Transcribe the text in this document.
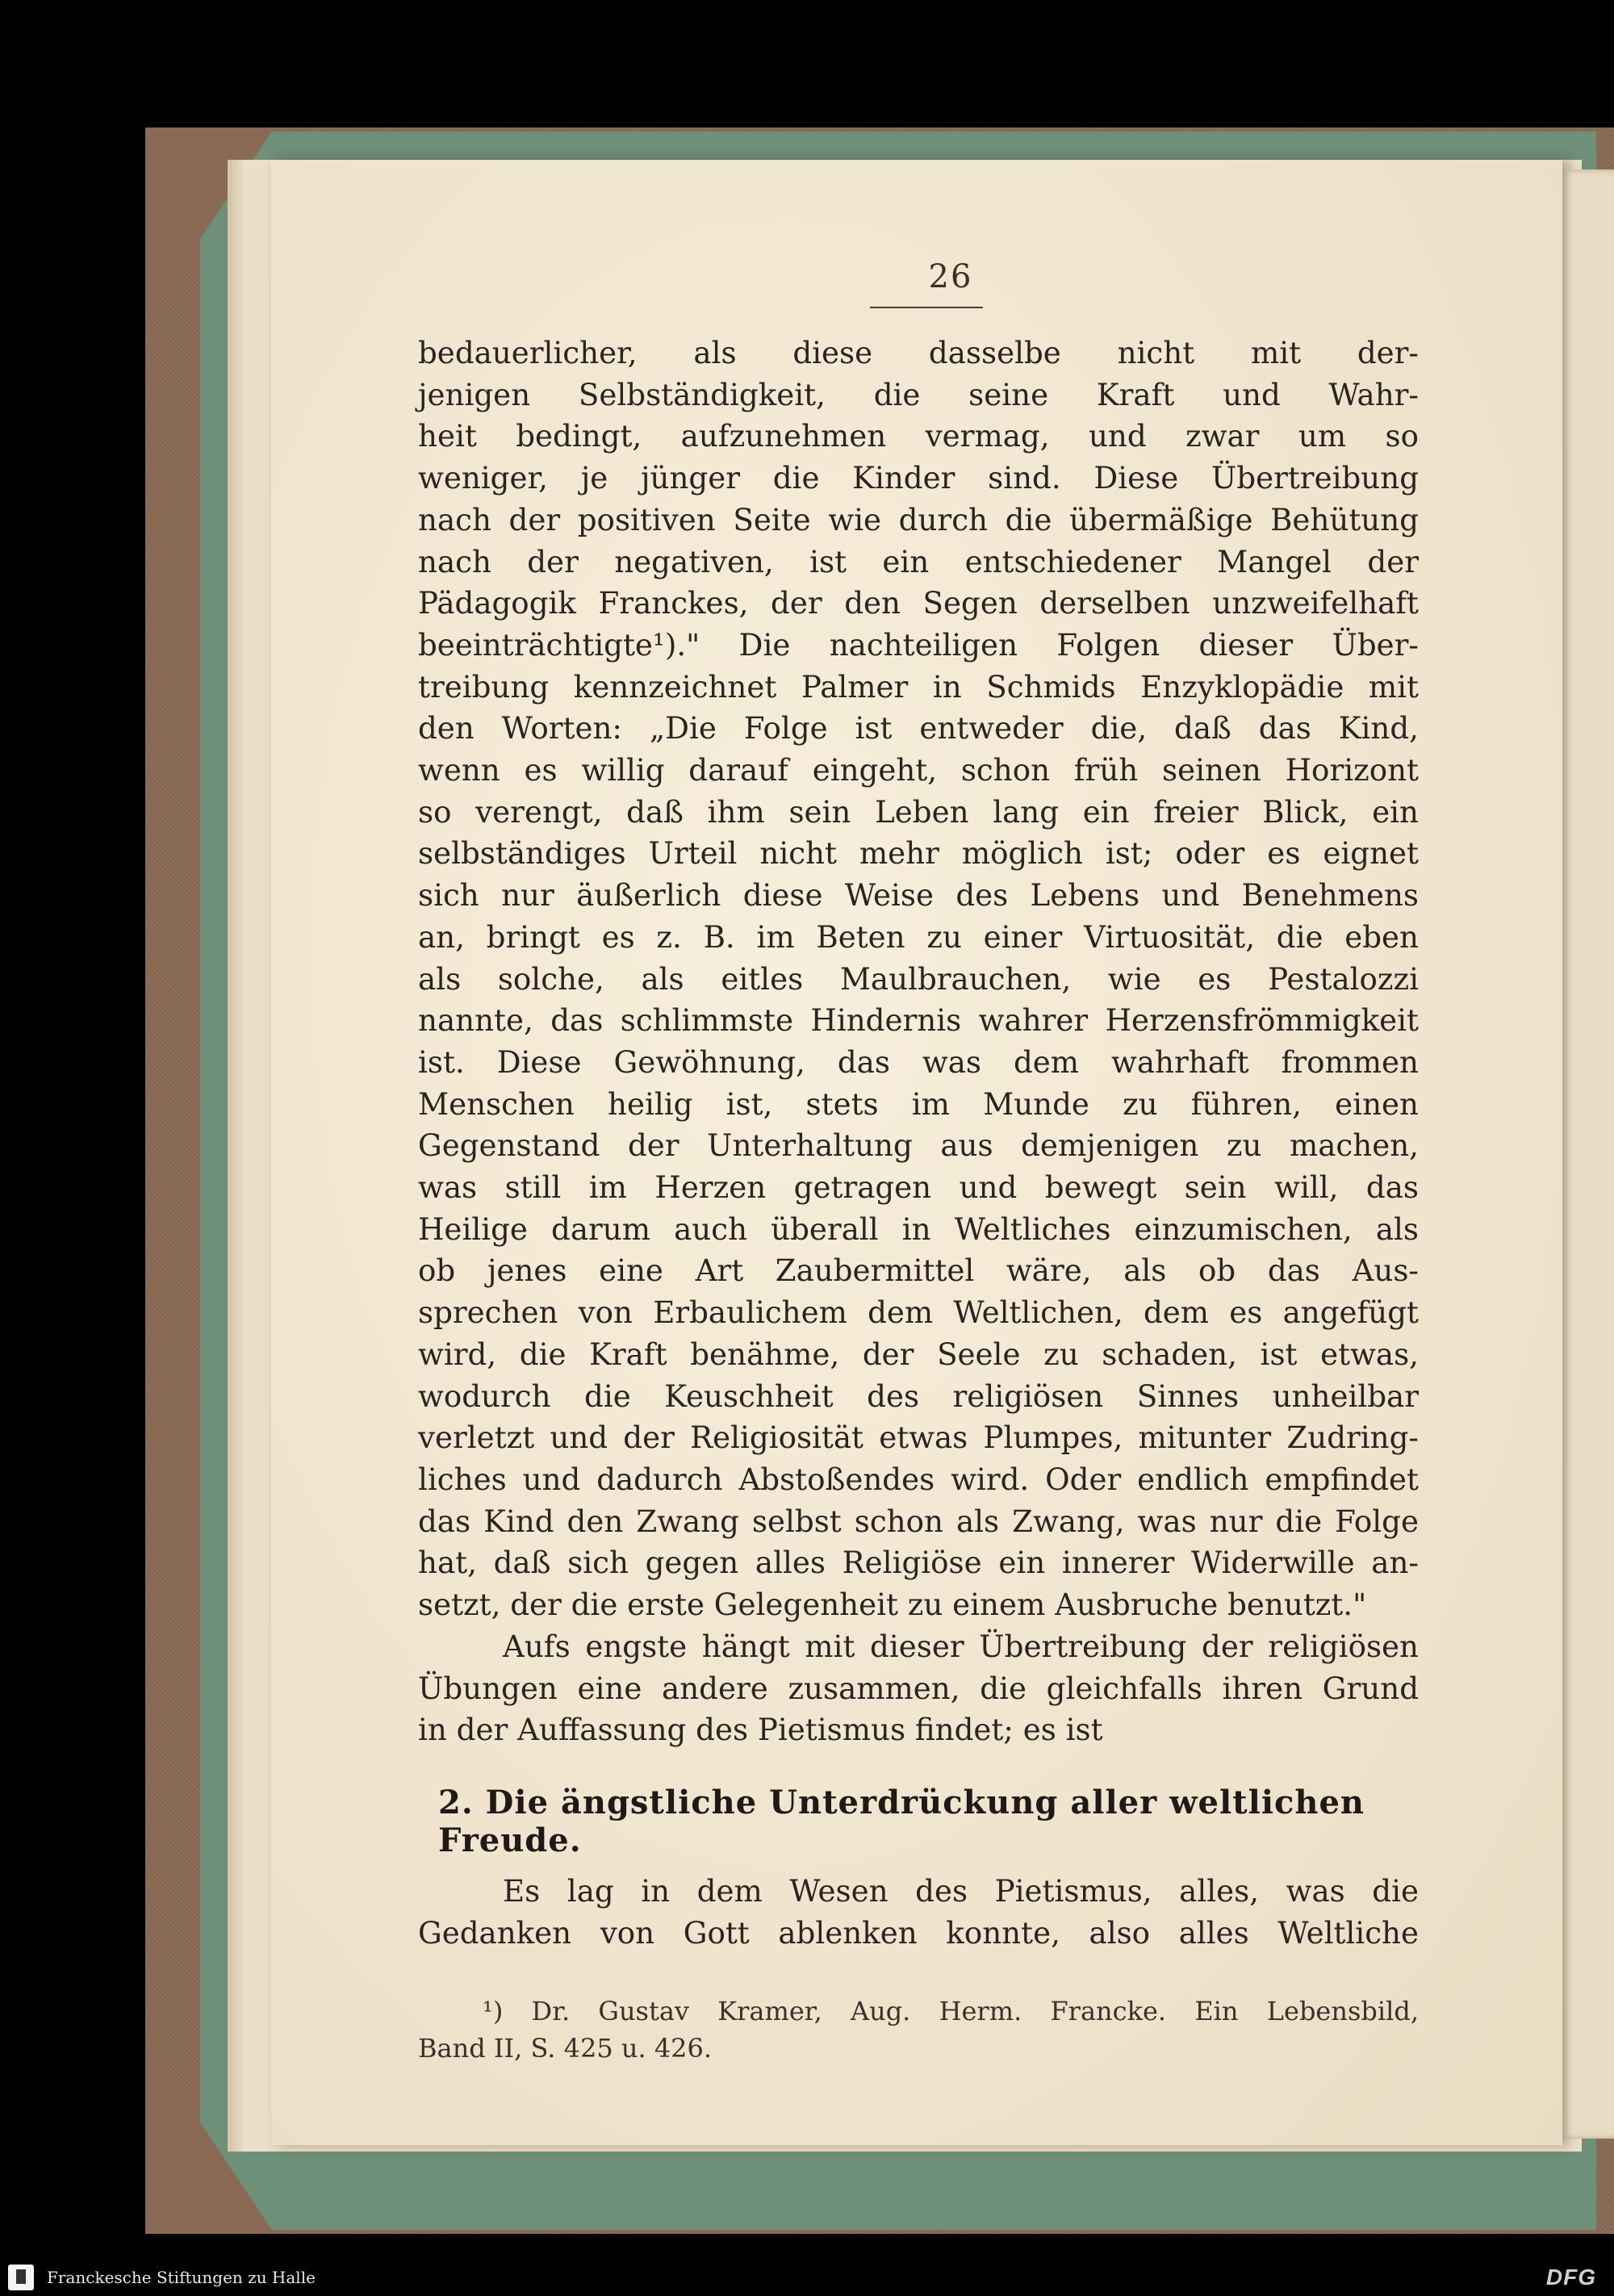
26

bedauerlicher, als diese dasselbe nicht mit der-

jenigen Selbständigkeit, die seine Kraft und Wahr-

heit bedingt, aufzunehmen vermag, und zwar um so

weniger, je jünger die Kinder sind. Diese Übertreibung

nach der positiven Seite wie durch die übermäßige Behütung

nach der negativen, ist ein entschiedener Mangel der

Pädagogik Franckes, der den Segen derselben unzweifelhaft

beeinträchtigte¹)." Die nachteiligen Folgen dieser Über-

treibung kennzeichnet Palmer in Schmids Enzyklopädie mit

den Worten: „Die Folge ist entweder die, daß das Kind,

wenn es willig darauf eingeht, schon früh seinen Horizont

so verengt, daß ihm sein Leben lang ein freier Blick, ein

selbständiges Urteil nicht mehr möglich ist; oder es eignet

sich nur äußerlich diese Weise des Lebens und Benehmens

an, bringt es z. B. im Beten zu einer Virtuosität, die eben

als solche, als eitles Maulbrauchen, wie es Pestalozzi

nannte, das schlimmste Hindernis wahrer Herzensfrömmigkeit

ist. Diese Gewöhnung, das was dem wahrhaft frommen

Menschen heilig ist, stets im Munde zu führen, einen

Gegenstand der Unterhaltung aus demjenigen zu machen,

was still im Herzen getragen und bewegt sein will, das

Heilige darum auch überall in Weltliches einzumischen, als

ob jenes eine Art Zaubermittel wäre, als ob das Aus-

sprechen von Erbaulichem dem Weltlichen, dem es angefügt

wird, die Kraft benähme, der Seele zu schaden, ist etwas,

wodurch die Keuschheit des religiösen Sinnes unheilbar

verletzt und der Religiosität etwas Plumpes, mitunter Zudring-

liches und dadurch Abstoßendes wird. Oder endlich empfindet

das Kind den Zwang selbst schon als Zwang, was nur die Folge

hat, daß sich gegen alles Religiöse ein innerer Widerwille an-

setzt, der die erste Gelegenheit zu einem Ausbruche benutzt."

Aufs engste hängt mit dieser Übertreibung der religiösen

Übungen eine andere zusammen, die gleichfalls ihren Grund

in der Auffassung des Pietismus findet; es ist

2. Die ängstliche Unterdrückung aller weltlichen Freude.

Es lag in dem Wesen des Pietismus, alles, was die

Gedanken von Gott ablenken konnte, also alles Weltliche

¹) Dr. Gustav Kramer, Aug. Herm. Francke. Ein Lebensbild,

Band II, S. 425 u. 426.

Franckesche Stiftungen zu Halle	DFG
